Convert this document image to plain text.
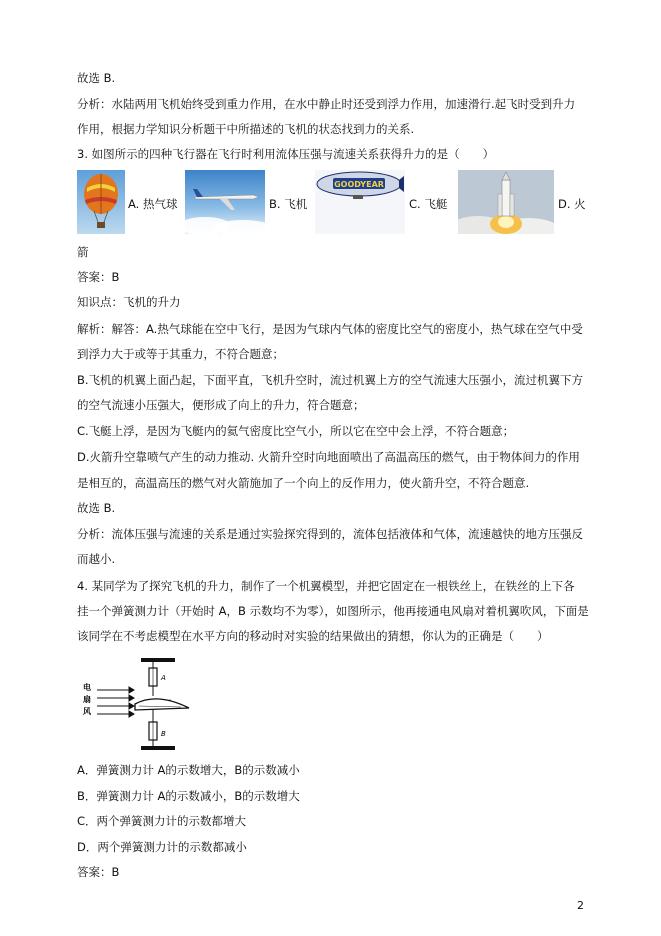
故选 B.
分析：水陆两用飞机始终受到重力作用，在水中静止时还受到浮力作用，加速滑行.起飞时受到升力
作用，根据力学知识分析题干中所描述的飞机的状态找到力的关系.
3. 如图所示的四种飞行器在飞行时利用流体压强与流速关系获得升力的是（　　）
A. 热气球	B. 飞机
GOODYEAR
C. 飞艇	D. 火
箭
答案：B
知识点：飞机的升力
解析：解答：A.热气球能在空中飞行，是因为气球内气体的密度比空气的密度小，热气球在空气中受
到浮力大于或等于其重力，不符合题意；
B.飞机的机翼上面凸起，下面平直，飞机升空时，流过机翼上方的空气流速大压强小，流过机翼下方
的空气流速小压强大，便形成了向上的升力，符合题意；
C.飞艇上浮，是因为飞艇内的氦气密度比空气小，所以它在空中会上浮，不符合题意；
D.火箭升空靠喷气产生的动力推动. 火箭升空时向地面喷出了高温高压的燃气，由于物体间力的作用
是相互的，高温高压的燃气对火箭施加了一个向上的反作用力，使火箭升空，不符合题意.
故选 B.
分析：流体压强与流速的关系是通过实验探究得到的，流体包括液体和气体，流速越快的地方压强反
而越小.
4. 某同学为了探究飞机的升力，制作了一个机翼模型，并把它固定在一根铁丝上，在铁丝的上下各
挂一个弹簧测力计（开始时 A，B 示数均不为零），如图所示，他再接通电风扇对着机翼吹风，下面是
该同学在不考虑模型在水平方向的移动时对实验的结果做出的猜想，你认为的正确是（　　）
电
扇
风
A
B
A．弹簧测力计 A的示数增大，B的示数减小
B．弹簧测力计 A的示数减小，B的示数增大
C．两个弹簧测力计的示数都增大
D．两个弹簧测力计的示数都减小
答案：B
2
